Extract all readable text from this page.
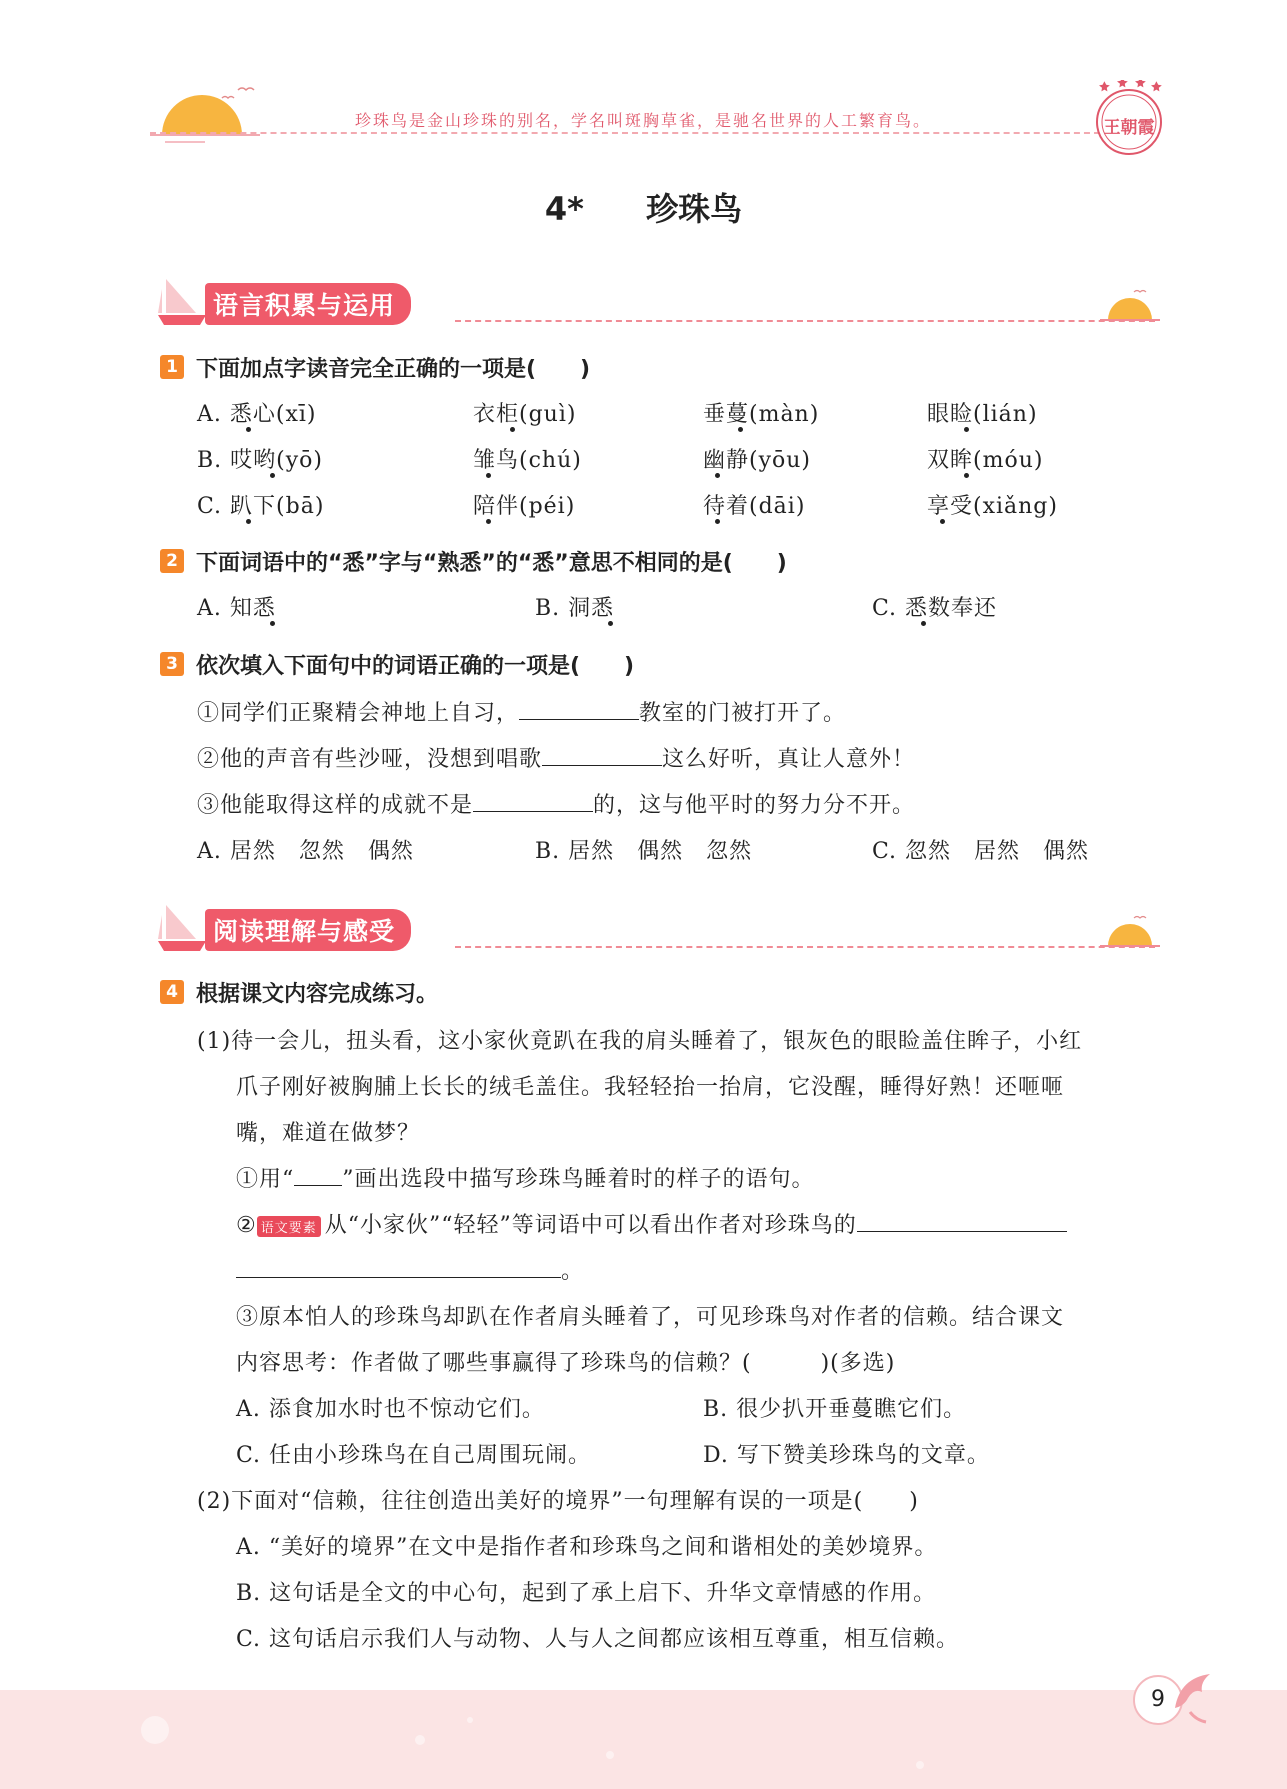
珍珠鸟是金山珍珠的别名，学名叫斑胸草雀，是驰名世界的人工繁育鸟。	王朝霞
4* 珍珠鸟
语言积累与运用
1 下面加点字读音完全正确的一项是(　　)
A. 悉心(xī)	衣柜(guì)	垂蔓(màn)	眼睑(lián)
B. 哎哟(yō)	雏鸟(chú)	幽静(yōu)	双眸(móu)
C. 趴下(bā)	陪伴(péi)	待着(dāi)	享受(xiǎng)
2 下面词语中的“悉”字与“熟悉”的“悉”意思不相同的是(　　)
A. 知悉	B. 洞悉	C. 悉数奉还
3 依次填入下面句中的词语正确的一项是(　　)
①同学们正聚精会神地上自习，	教室的门被打开了。
②他的声音有些沙哑，没想到唱歌	这么好听，真让人意外！
③他能取得这样的成就不是	的，这与他平时的努力分不开。
A. 居然　忽然　偶然	B. 居然　偶然　忽然	C. 忽然　居然　偶然
阅读理解与感受
4 根据课文内容完成练习。
(1)待一会儿，扭头看，这小家伙竟趴在我的肩头睡着了，银灰色的眼睑盖住眸子，小红
爪子刚好被胸脯上长长的绒毛盖住。我轻轻抬一抬肩，它没醒，睡得好熟！还咂咂
嘴，难道在做梦？
①用“ ”画出选段中描写珍珠鸟睡着时的样子的语句。
② 语文要素 从“小家伙”“轻轻”等词语中可以看出作者对珍珠鸟的
。
③原本怕人的珍珠鸟却趴在作者肩头睡着了，可见珍珠鸟对作者的信赖。结合课文
内容思考：作者做了哪些事赢得了珍珠鸟的信赖？(　　　)(多选)
A. 添食加水时也不惊动它们。	B. 很少扒开垂蔓瞧它们。
C. 任由小珍珠鸟在自己周围玩闹。	D. 写下赞美珍珠鸟的文章。
(2)下面对“信赖，往往创造出美好的境界”一句理解有误的一项是(　　)
A. “美好的境界”在文中是指作者和珍珠鸟之间和谐相处的美妙境界。
B. 这句话是全文的中心句，起到了承上启下、升华文章情感的作用。
C. 这句话启示我们人与动物、人与人之间都应该相互尊重，相互信赖。
9
